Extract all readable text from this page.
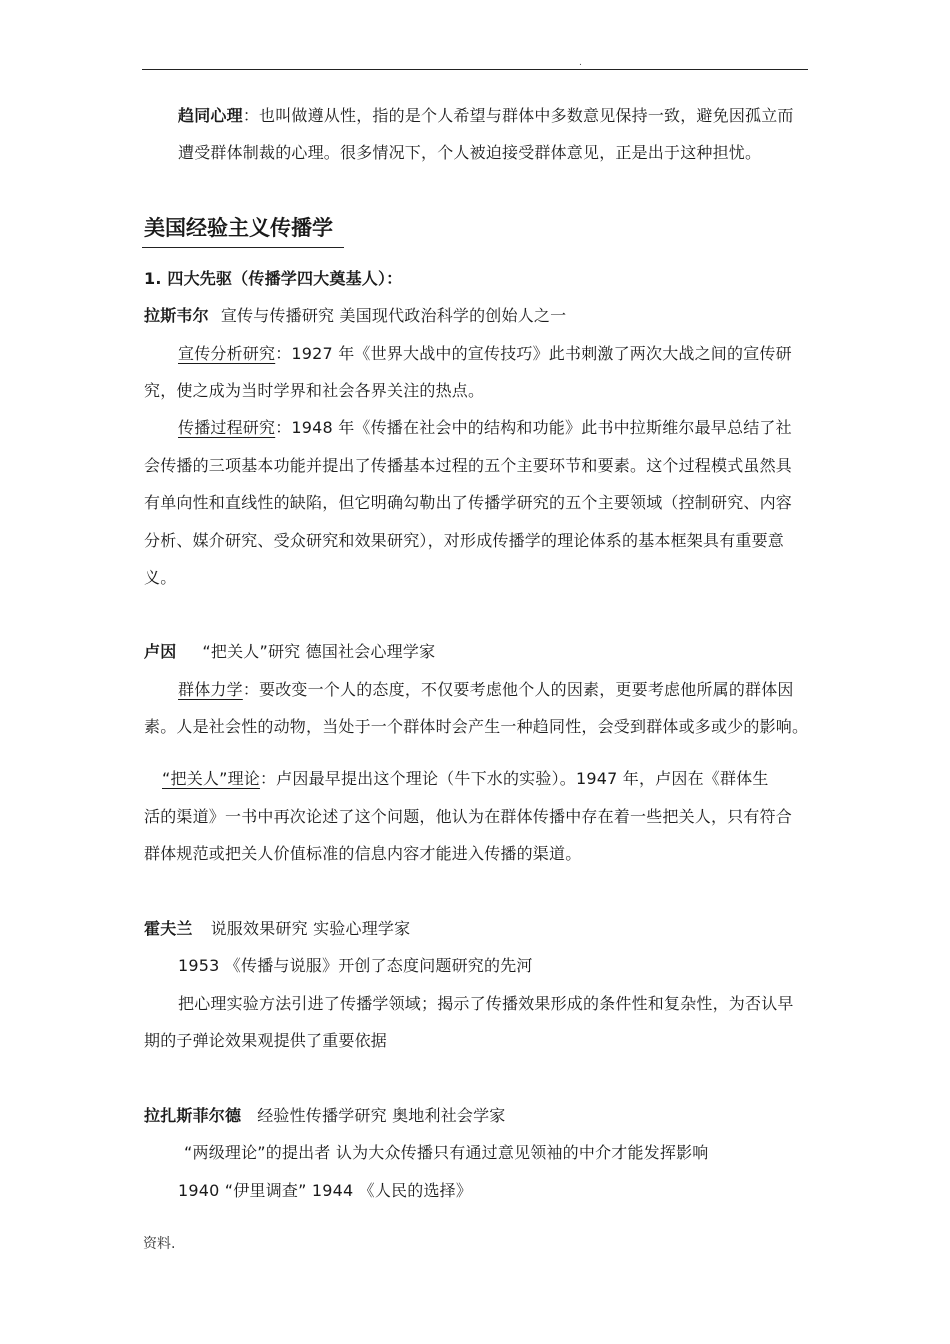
.
趋同心理：也叫做遵从性，指的是个人希望与群体中多数意见保持一致，避免因孤立而
遭受群体制裁的心理。很多情况下，个人被迫接受群体意见，正是出于这种担忧。
美国经验主义传播学
1. 四大先驱（传播学四大奠基人）：
拉斯韦尔 宣传与传播研究 美国现代政治科学的创始人之一
宣传分析研究：1927 年《世界大战中的宣传技巧》此书刺激了两次大战之间的宣传研
究，使之成为当时学界和社会各界关注的热点。
传播过程研究：1948 年《传播在社会中的结构和功能》此书中拉斯维尔最早总结了社
会传播的三项基本功能并提出了传播基本过程的五个主要环节和要素。这个过程模式虽然具
有单向性和直线性的缺陷，但它明确勾勒出了传播学研究的五个主要领域（控制研究、内容
分析、媒介研究、受众研究和效果研究），对形成传播学的理论体系的基本框架具有重要意
义。
卢因 “把关人”研究 德国社会心理学家
群体力学：要改变一个人的态度，不仅要考虑他个人的因素，更要考虑他所属的群体因
素。人是社会性的动物，当处于一个群体时会产生一种趋同性，会受到群体或多或少的影响。
“把关人”理论：卢因最早提出这个理论（牛下水的实验）。1947 年，卢因在《群体生
活的渠道》一书中再次论述了这个问题，他认为在群体传播中存在着一些把关人，只有符合
群体规范或把关人价值标准的信息内容才能进入传播的渠道。
霍夫兰 说服效果研究 实验心理学家
1953 《传播与说服》开创了态度问题研究的先河
把心理实验方法引进了传播学领域；揭示了传播效果形成的条件性和复杂性，为否认早
期的子弹论效果观提供了重要依据
拉扎斯菲尔德 经验性传播学研究 奥地利社会学家
“两级理论”的提出者 认为大众传播只有通过意见领袖的中介才能发挥影响
1940 “伊里调查” 1944 《人民的选择》
资料.
